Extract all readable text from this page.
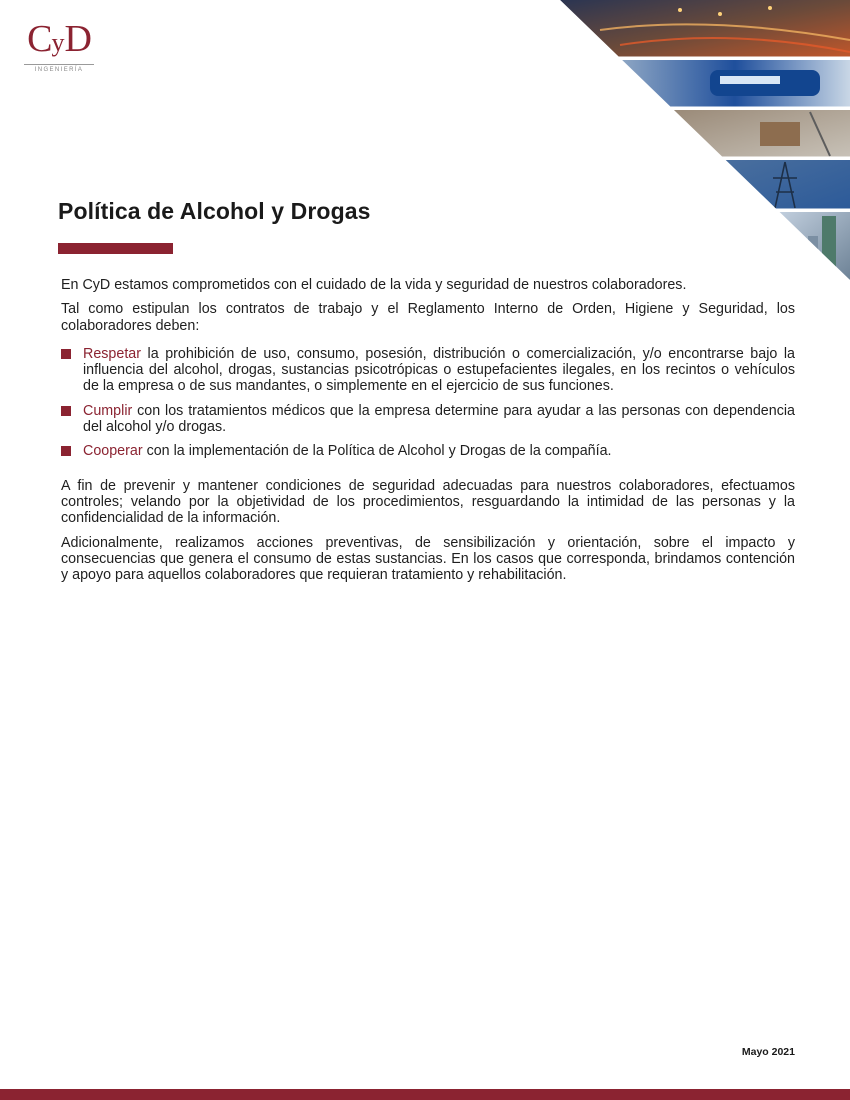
CyD
INGENIERÍA
Política de Alcohol y Drogas

En CyD estamos comprometidos con el cuidado de la vida y seguridad de nuestros colaboradores.

Tal como estipulan los contratos de trabajo y el Reglamento Interno de Orden, Higiene y Seguridad, los colaboradores deben:

Respetar la prohibición de uso, consumo, posesión, distribución o comercialización, y/o encontrarse bajo la influencia del alcohol, drogas, sustancias psicotrópicas o estupefacientes ilegales, en los recintos o vehículos de la empresa o de sus mandantes, o simplemente en el ejercicio de sus funciones.
Cumplir con los tratamientos médicos que la empresa determine para ayudar a las personas con dependencia del alcohol y/o drogas.
Cooperar con la implementación de la Política de Alcohol y Drogas de la compañía.

A fin de prevenir y mantener condiciones de seguridad adecuadas para nuestros colaboradores, efectuamos controles; velando por la objetividad de los procedimientos, resguardando la intimidad de las personas y la confidencialidad de la información.

Adicionalmente, realizamos acciones preventivas, de sensibilización y orientación, sobre el impacto y consecuencias que genera el consumo de estas sustancias. En los casos que corresponda, brindamos contención y apoyo para aquellos colaboradores que requieran tratamiento y rehabilitación.

Mayo 2021
